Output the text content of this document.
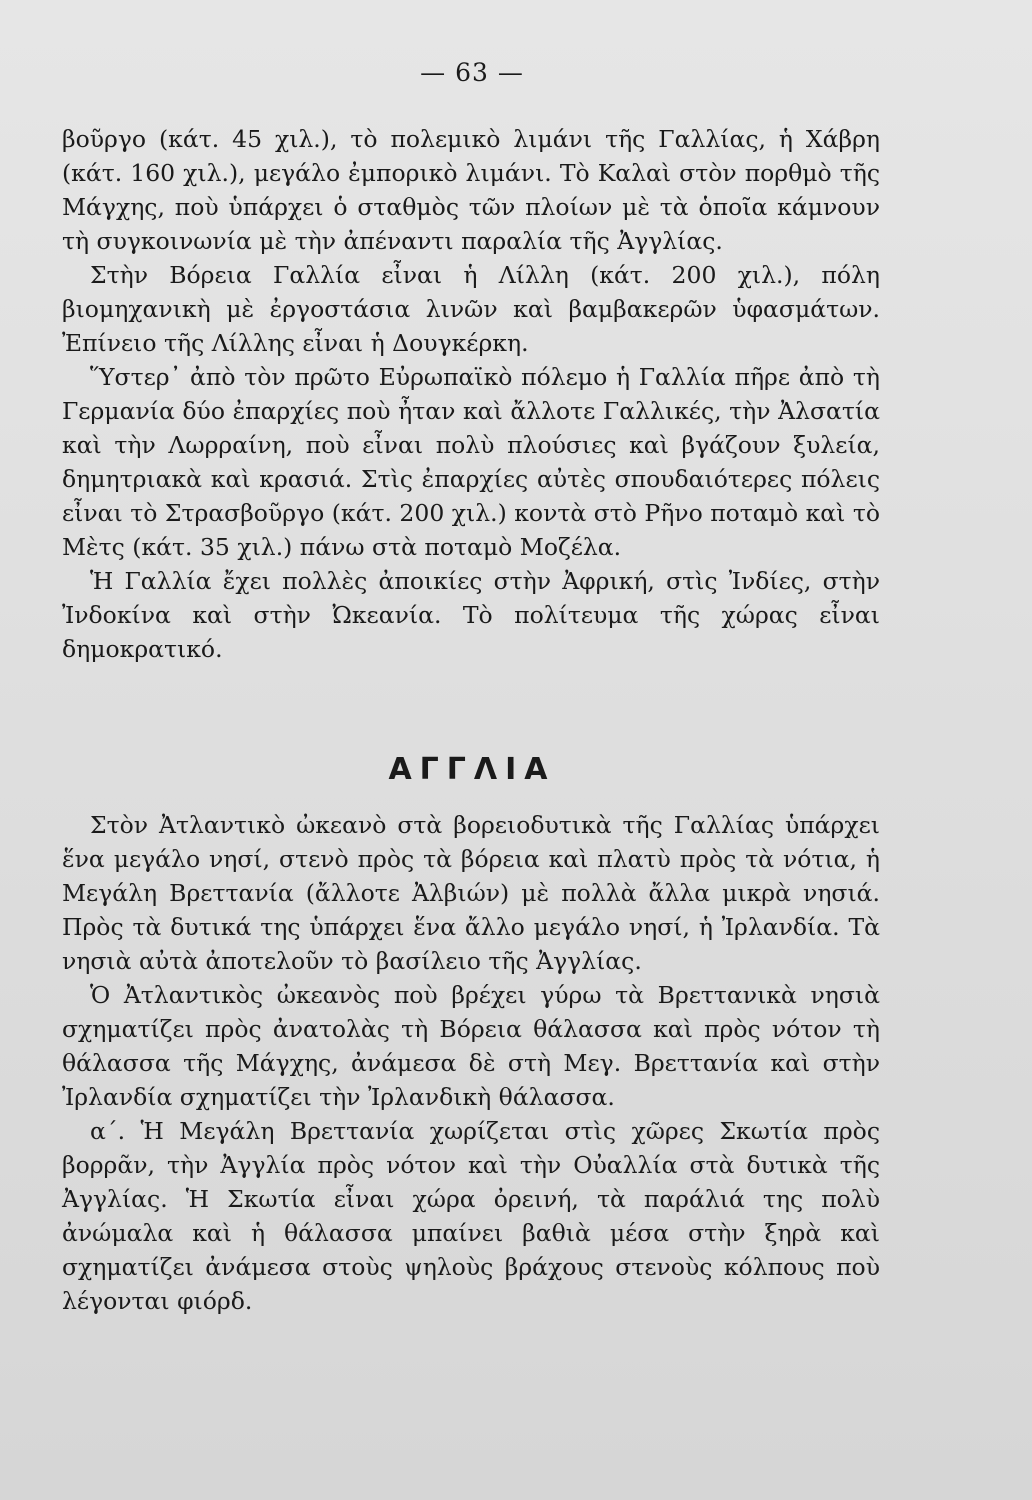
— 63 —

βοῦργο (κάτ. 45 χιλ.), τὸ πολεμικὸ λιμάνι τῆς Γαλλίας, ἡ Χάβρη (κάτ. 160 χιλ.), μεγάλο ἐμπορικὸ λιμάνι. Τὸ Καλαὶ στὸν πορθμὸ τῆς Μάγχης, ποὺ ὑπάρχει ὁ σταθμὸς τῶν πλοίων μὲ τὰ ὁποῖα κάμνουν τὴ συγκοινωνία μὲ τὴν ἀπέναντι παραλία τῆς Ἀγγλίας.

Στὴν Βόρεια Γαλλία εἶναι ἡ Λίλλη (κάτ. 200 χιλ.), πόλη βιομηχανικὴ μὲ ἐργοστάσια λινῶν καὶ βαμβακερῶν ὑφασμάτων. Ἐπίνειο τῆς Λίλλης εἶναι ἡ Δουγκέρκη.

Ὕστερ᾿ ἀπὸ τὸν πρῶτο Εὐρωπαϊκὸ πόλεμο ἡ Γαλλία πῆρε ἀπὸ τὴ Γερμανία δύο ἐπαρχίες ποὺ ἦταν καὶ ἄλλοτε Γαλλικές, τὴν Ἀλσατία καὶ τὴν Λωρραίνη, ποὺ εἶναι πολὺ πλούσιες καὶ βγάζουν ξυλεία, δημητριακὰ καὶ κρασιά. Στὶς ἐπαρχίες αὐτὲς σπουδαιότερες πόλεις εἶναι τὸ Στρασβοῦργο (κάτ. 200 χιλ.) κοντὰ στὸ Ρῆνο ποταμὸ καὶ τὸ Μὲτς (κάτ. 35 χιλ.) πάνω στὰ ποταμὸ Μοζέλα.

Ἡ Γαλλία ἔχει πολλὲς ἀποικίες στὴν Ἀφρική, στὶς Ἰνδίες, στὴν Ἰνδοκίνα καὶ στὴν Ὠκεανία. Τὸ πολίτευμα τῆς χώρας εἶναι δημοκρατικό.

ΑΓΓΛΙΑ

Στὸν Ἀτλαντικὸ ὠκεανὸ στὰ βορειοδυτικὰ τῆς Γαλλίας ὑπάρχει ἕνα μεγάλο νησί, στενὸ πρὸς τὰ βόρεια καὶ πλατὺ πρὸς τὰ νότια, ἡ Μεγάλη Βρεττανία (ἄλλοτε Ἀλβιών) μὲ πολλὰ ἄλλα μικρὰ νησιά. Πρὸς τὰ δυτικά της ὑπάρχει ἕνα ἄλλο μεγάλο νησί, ἡ Ἰρλανδία. Τὰ νησιὰ αὐτὰ ἀποτελοῦν τὸ βασίλειο τῆς Ἀγγλίας.

Ὁ Ἀτλαντικὸς ὠκεανὸς ποὺ βρέχει γύρω τὰ Βρεττανικὰ νησιὰ σχηματίζει πρὸς ἀνατολὰς τὴ Βόρεια θάλασσα καὶ πρὸς νότον τὴ θάλασσα τῆς Μάγχης, ἀνάμεσα δὲ στὴ Μεγ. Βρεττανία καὶ στὴν Ἰρλανδία σχηματίζει τὴν Ἰρλανδικὴ θάλασσα.

α΄. Ἡ Μεγάλη Βρεττανία χωρίζεται στὶς χῶρες Σκωτία πρὸς βορρᾶν, τὴν Ἀγγλία πρὸς νότον καὶ τὴν Οὐαλλία στὰ δυτικὰ τῆς Ἀγγλίας. Ἡ Σκωτία εἶναι χώρα ὀρεινή, τὰ παράλιά της πολὺ ἀνώμαλα καὶ ἡ θάλασσα μπαίνει βαθιὰ μέσα στὴν ξηρὰ καὶ σχηματίζει ἀνάμεσα στοὺς ψηλοὺς βράχους στενοὺς κόλπους ποὺ λέγονται φιόρδ.
